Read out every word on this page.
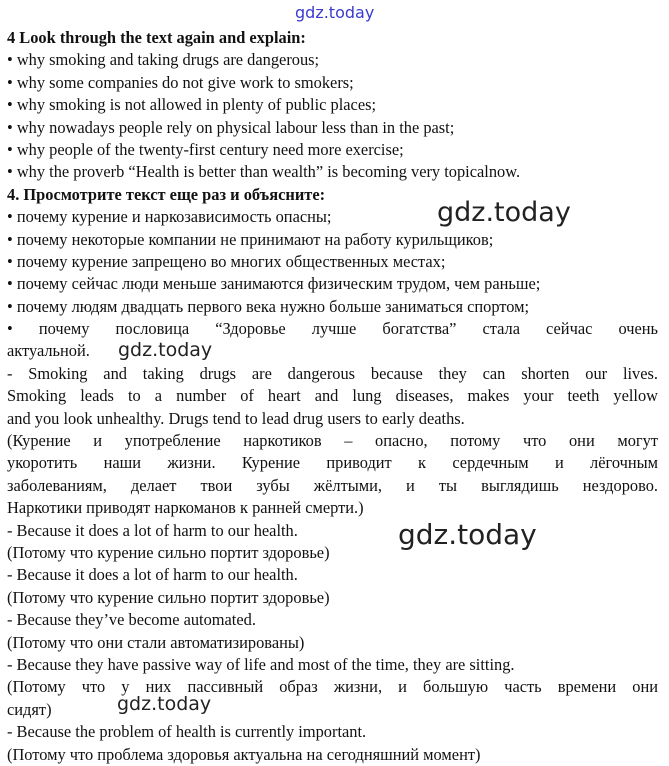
gdz.today
gdz.today
gdz.today
gdz.today
gdz.today
4 Look through the text again and explain:
• why smoking and taking drugs are dangerous;
• why some companies do not give work to smokers;
• why smoking is not allowed in plenty of public places;
• why nowadays people rely on physical labour less than in the past;
• why people of the twenty-first century need more exercise;
• why the proverb “Health is better than wealth” is becoming very topicalnow.
4. Просмотрите текст еще раз и объясните:
• почему курение и наркозависимость опасны;
• почему некоторые компании не принимают на работу курильщиков;
• почему курение запрещено во многих общественных местах;
• почему сейчас люди меньше занимаются физическим трудом, чем раньше;
• почему людям двадцать первого века нужно больше заниматься спортом;
• почему пословица “Здоровье лучше богатства” стала сейчас очень
актуальной.
- Smoking and taking drugs are dangerous because they can shorten our lives.
Smoking leads to a number of heart and lung diseases, makes your teeth yellow
and you look unhealthy. Drugs tend to lead drug users to early deaths.
(Курение и употребление наркотиков – опасно, потому что они могут
укоротить наши жизни. Курение приводит к сердечным и лёгочным
заболеваниям, делает твои зубы жёлтыми, и ты выглядишь нездорово.
Наркотики приводят наркоманов к ранней смерти.)
- Because it does a lot of harm to our health.
(Потому что курение сильно портит здоровье)
- Because it does a lot of harm to our health.
(Потому что курение сильно портит здоровье)
- Because they’ve become automated.
(Потому что они стали автоматизированы)
- Because they have passive way of life and most of the time, they are sitting.
(Потому что у них пассивный образ жизни, и большую часть времени они
сидят)
- Because the problem of health is currently important.
(Потому что проблема здоровья актуальна на сегодняшний момент)
